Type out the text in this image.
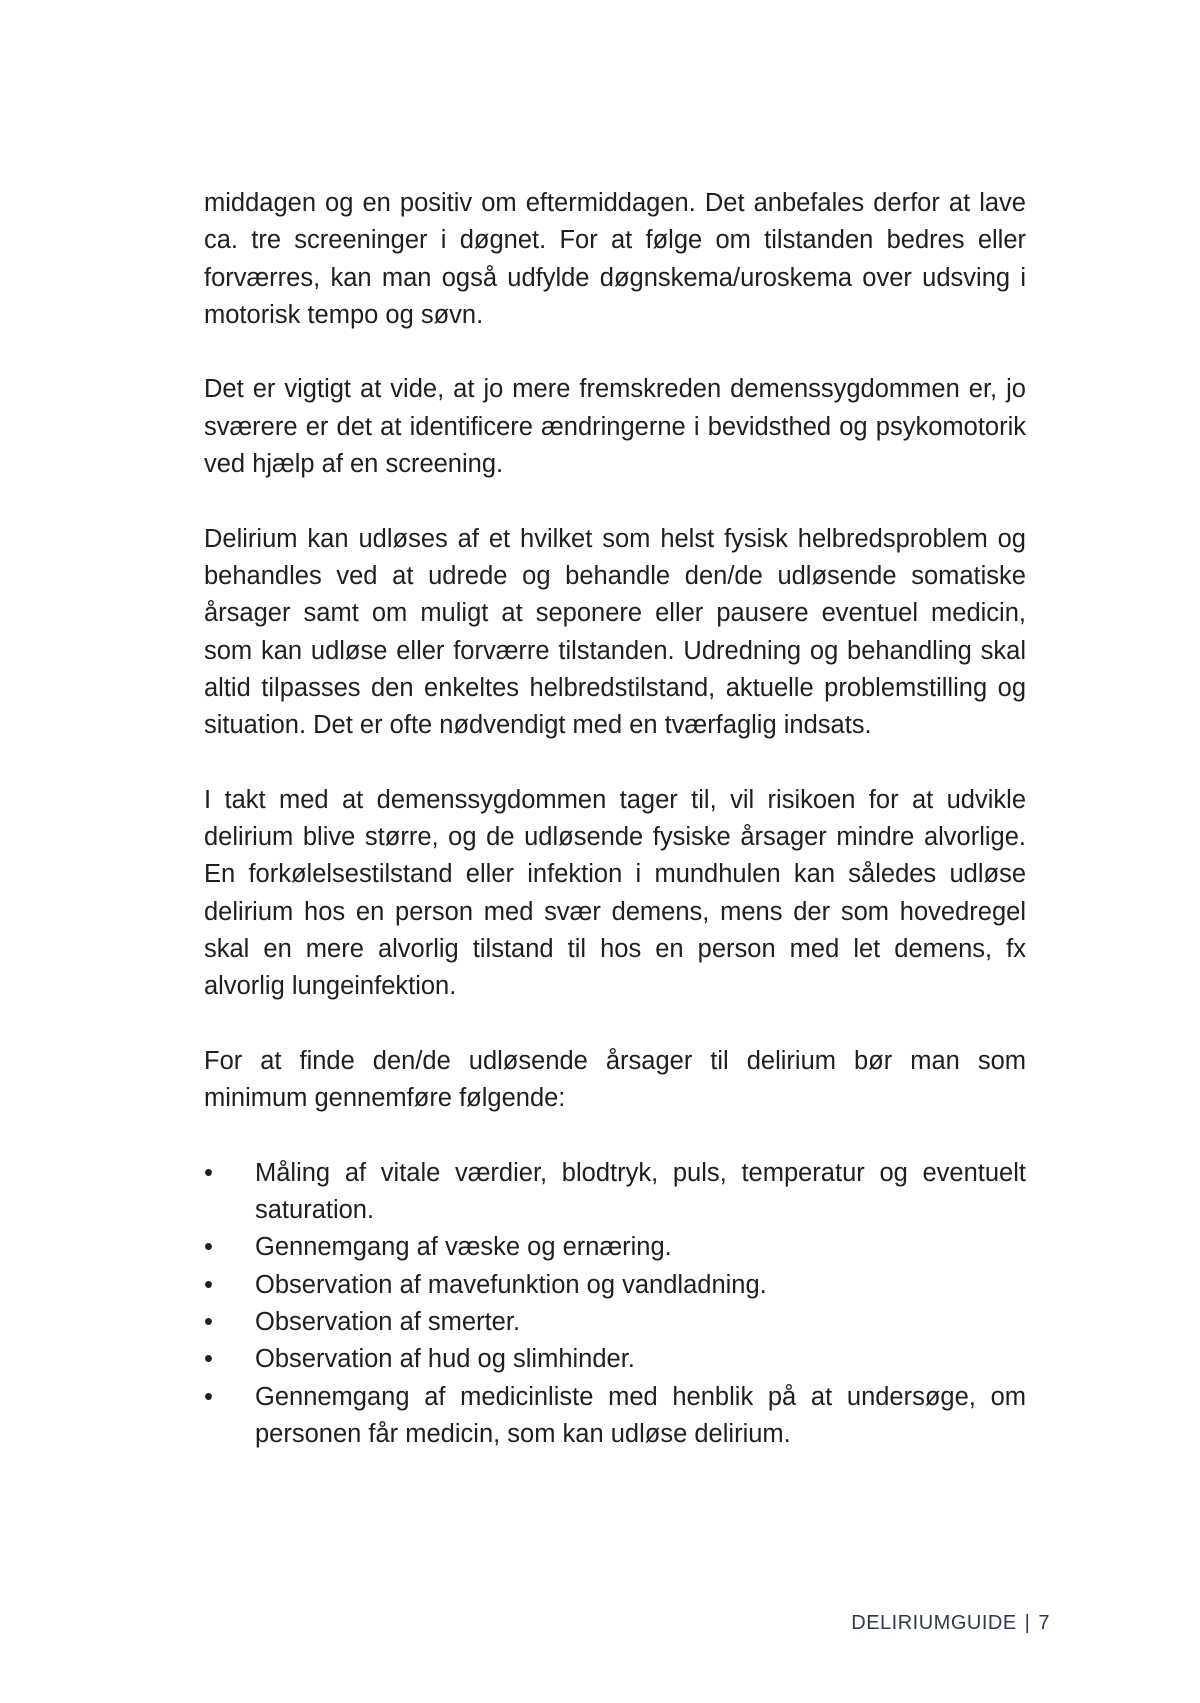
middagen og en positiv om eftermiddagen. Det anbefales derfor at lave ca. tre screeninger i døgnet. For at følge om tilstanden bedres eller forværres, kan man også udfylde døgnskema/uroskema over udsving i motorisk tempo og søvn.

Det er vigtigt at vide, at jo mere fremskreden demenssygdommen er, jo sværere er det at identificere ændringerne i bevidsthed og psykomotorik ved hjælp af en screening.

Delirium kan udløses af et hvilket som helst fysisk helbredsproblem og behandles ved at udrede og behandle den/de udløsende somatiske årsager samt om muligt at seponere eller pausere eventuel medicin, som kan udløse eller forværre tilstanden. Udredning og behandling skal altid tilpasses den enkeltes helbredstilstand, aktuelle problemstilling og situation. Det er ofte nødvendigt med en tværfaglig indsats.

I takt med at demenssygdommen tager til, vil risikoen for at udvikle delirium blive større, og de udløsende fysiske årsager mindre alvorlige. En forkølelsestilstand eller infektion i mundhulen kan således udløse delirium hos en person med svær demens, mens der som hovedregel skal en mere alvorlig tilstand til hos en person med let demens, fx alvorlig lungeinfektion.

For at finde den/de udløsende årsager til delirium bør man som minimum gennemføre følgende:

• Måling af vitale værdier, blodtryk, puls, temperatur og eventuelt saturation.
• Gennemgang af væske og ernæring.
• Observation af mavefunktion og vandladning.
• Observation af smerter.
• Observation af hud og slimhinder.
• Gennemgang af medicinliste med henblik på at undersøge, om personen får medicin, som kan udløse delirium.
DELIRIUMGUIDE | 7
